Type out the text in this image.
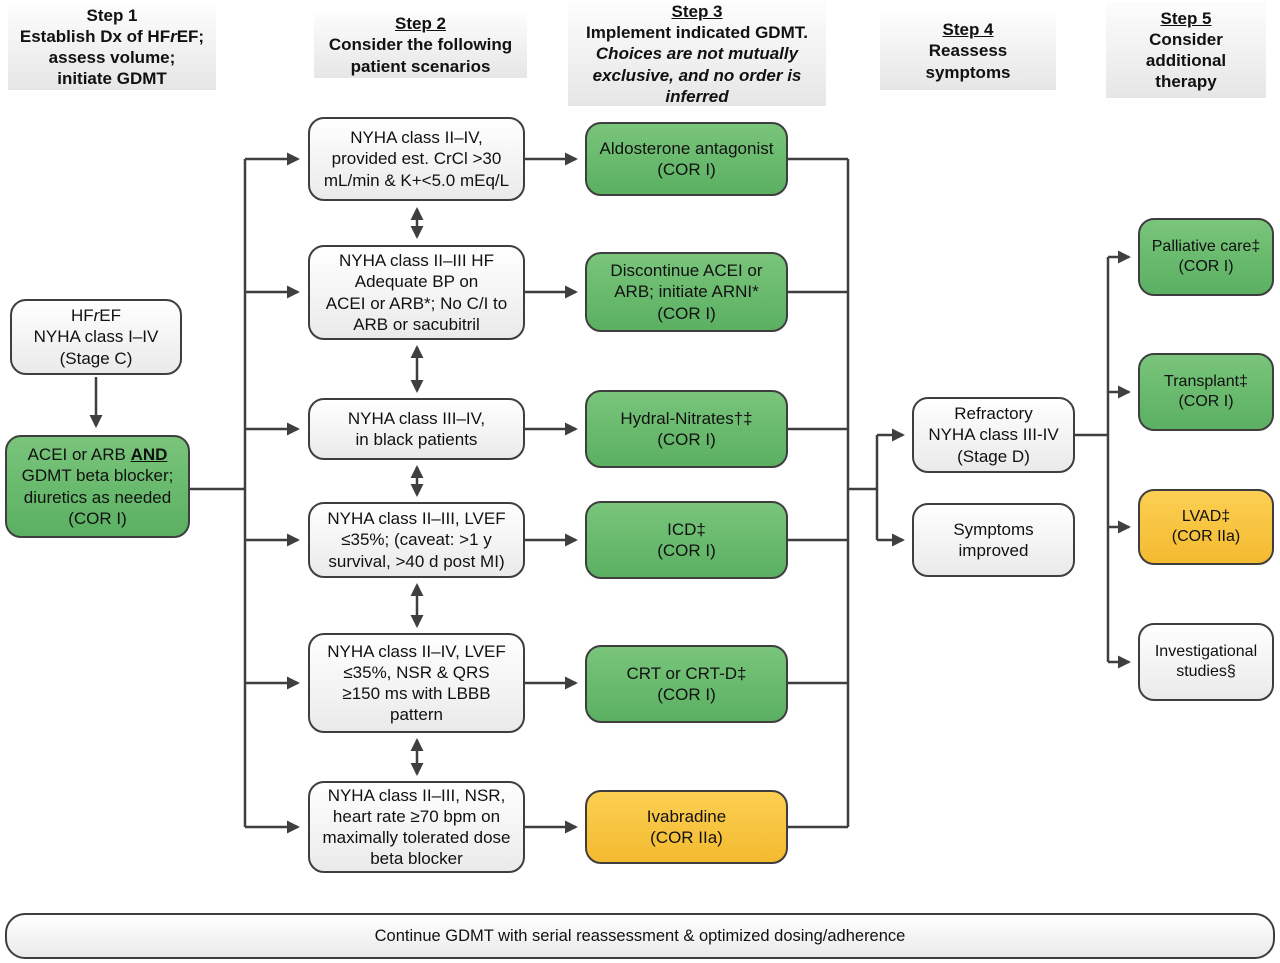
Step 1
Establish Dx of HFrEF;
assess volume;
initiate GDMT
Step 2
Consider the following
patient scenarios
Step 3
Implement indicated GDMT.
Choices are not mutually
exclusive, and no order is
inferred
Step 4
Reassess
symptoms
Step 5
Consider
additional
therapy
HFrEF
NYHA class I–IV
(Stage C)
ACEI or ARB AND
GDMT beta blocker;
diuretics as needed
(COR I)
NYHA class II–IV,
provided est. CrCl >30
mL/min & K+<5.0 mEq/L
NYHA class II–III HF
Adequate BP on
ACEI or ARB*; No C/I to
ARB or sacubitril
NYHA class III–IV,
in black patients
NYHA class II–III, LVEF
≤35%; (caveat: >1 y
survival, >40 d post MI)
NYHA class II–IV, LVEF
≤35%, NSR & QRS
≥150 ms with LBBB
pattern
NYHA class II–III, NSR,
heart rate ≥70 bpm on
maximally tolerated dose
beta blocker
Aldosterone antagonist
(COR I)
Discontinue ACEI or
ARB; initiate ARNI*
(COR I)
Hydral-Nitrates†‡
(COR I)
ICD‡
(COR I)
CRT or CRT-D‡
(COR I)
Ivabradine
(COR IIa)
Refractory
NYHA class III-IV
(Stage D)
Symptoms
improved
Palliative care‡
(COR I)
Transplant‡
(COR I)
LVAD‡
(COR IIa)
Investigational
studies§
Continue GDMT with serial reassessment & optimized dosing/adherence
